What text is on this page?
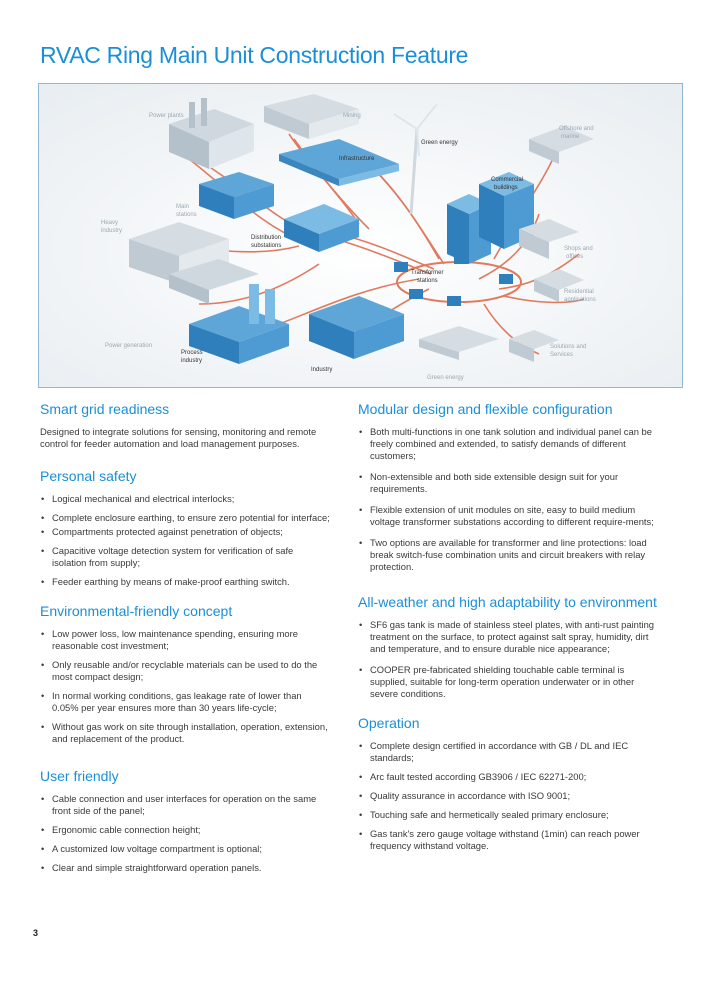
RVAC Ring Main Unit Construction Feature
Power plants	Mining
Green energy
Offshore and
marine
Infrastructure
Commercial
buildings
Main
stations
Heavy
industry
Distribution
substations	Shops and
offices
Transformer
stations
Residential
applications
Power generation
Process
industry
Solutions and
Services
Industry
Green energy
Smart grid readiness

Designed to integrate solutions for sensing, monitoring and remote control for feeder automation and load management purposes.

Personal safety
• Logical mechanical and electrical interlocks;
• Complete enclosure earthing, to ensure zero potential for interface;
• Compartments protected against penetration of objects;
• Capacitive voltage detection system for verification of safe isolation from supply;
• Feeder earthing by means of make-proof earthing switch.
Environmental-friendly concept
• Low power loss, low maintenance spending, ensuring more reasonable cost investment;
• Only reusable and/or recyclable materials can be used to do the most compact design;
• In normal working conditions, gas leakage rate of lower than 0.05% per year ensures more than 30 years life-cycle;
• Without gas work on site through installation, operation, extension, and replacement of the product.
User friendly
• Cable connection and user interfaces for operation on the same front side of the panel;
• Ergonomic cable connection height;
• A customized low voltage compartment is optional;
• Clear and simple straightforward operation panels.
Modular design and flexible configuration
• Both multi-functions in one tank solution and individual panel can be freely combined and extended, to satisfy demands of different customers;
• Non-extensible and both side extensible design suit for your requirements.
• Flexible extension of unit modules on site, easy to build medium voltage transformer substations according to different require-ments;
• Two options are available for transformer and line protections: load break switch-fuse combination units and circuit breakers with relay protection.
All-weather and high adaptability to environment
• SF6 gas tank is made of stainless steel plates, with anti-rust painting treatment on the surface, to protect against salt spray, humidity, dirt and temperature, and to ensure durable nice appearance;
• COOPER pre-fabricated shielding touchable cable terminal is supplied, suitable for long-term operation underwater or in other severe conditions.
Operation
• Complete design certified in accordance with GB / DL and IEC standards;
• Arc fault tested according GB3906 / IEC 62271-200;
• Quality assurance in accordance with ISO 9001;
• Touching safe and hermetically sealed primary enclosure;
• Gas tank's zero gauge voltage withstand (1min) can reach power frequency withstand voltage.
3
